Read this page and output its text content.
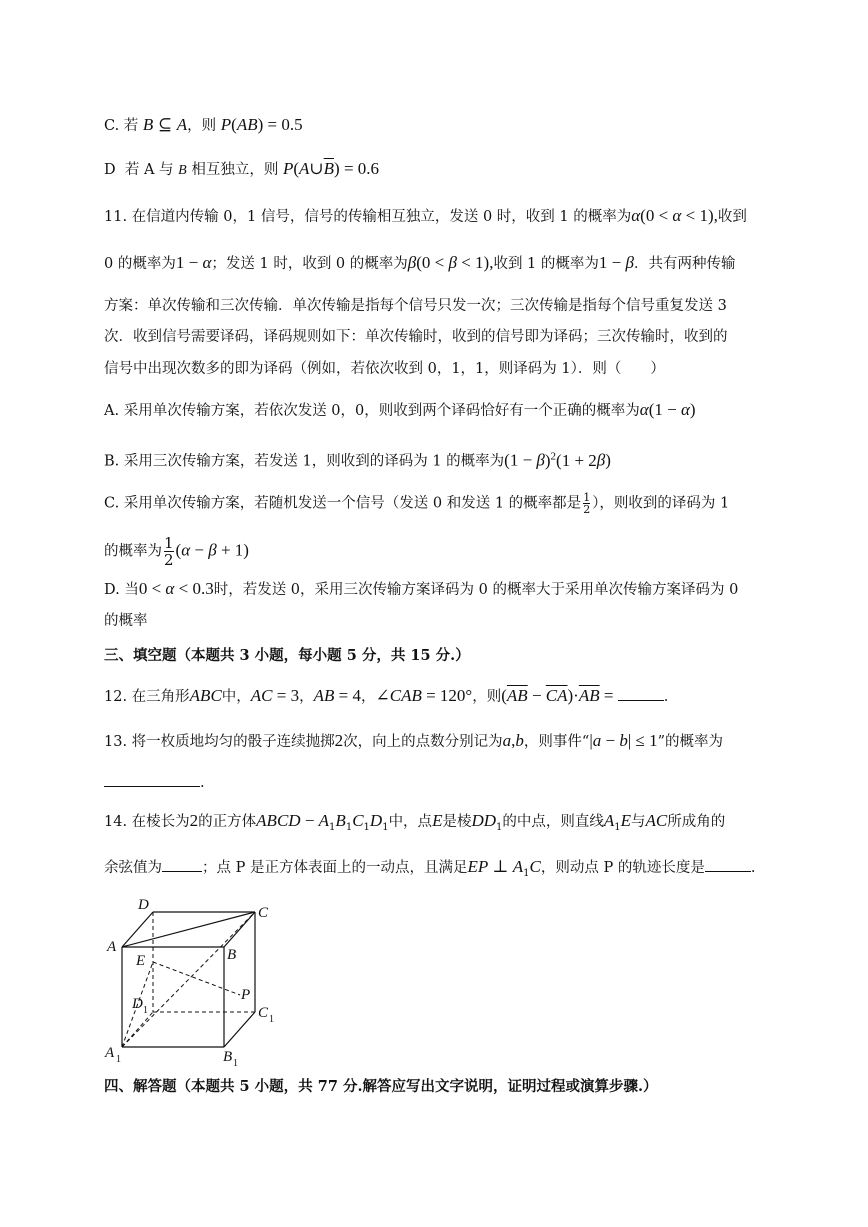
C. 若 B ⊆ A，则 P(AB) = 0.5
D  若 A 与 B 相互独立，则 $P(A\cup\overline{B}) = 0.6$
11. 在信道内传输 0，1 信号，信号的传输相互独立，发送 0 时，收到 1 的概率为α(0 < α < 1),收到
0 的概率为1 − α；发送 1 时，收到 0 的概率为β(0 < β < 1),收到 1 的概率为1 − β．共有两种传输
方案：单次传输和三次传输．单次传输是指每个信号只发一次；三次传输是指每个信号重复发送 3
次．收到信号需要译码，译码规则如下：单次传输时，收到的信号即为译码；三次传输时，收到的
信号中出现次数多的即为译码（例如，若依次收到 0，1，1，则译码为 1）．则（　　）
A. 采用单次传输方案，若依次发送 0，0，则收到两个译码恰好有一个正确的概率为α(1 − α)
B. 采用三次传输方案，若发送 1，则收到的译码为 1 的概率为$(1 - \beta)^2(1 + 2\beta)$
C. 采用单次传输方案，若随机发送一个信号（发送 0 和发送 1 的概率都是 $\frac{1}{2}$ ），则收到的译码为 1
的概率为 $\frac{1}{2} (\alpha - \beta + 1)$
D. 当0 < α < 0.3时，若发送 0，采用三次传输方案译码为 0 的概率大于采用单次传输方案译码为 0
的概率
三、填空题（本题共 3 小题，每小题 5 分，共 15 分.）
12. 在三角形ABC中，AC = 3，AB = 4，∠CAB = 120°，则$(\overline{AB} - \overline{CA})\cdot\overline{AB}$ =	.
13. 将一枚质地均匀的骰子连续抛掷2次，向上的点数分别记为a,b，则事件“|a − b| ≤ 1”的概率为
.
14. 在棱长为2的正方体ABCD − $A_1B_1C_1D_1$中，点E是棱$DD_1$的中点，则直线$A_1E$与AC所成角的
余弦值为	；点 P 是正方体表面上的一动点，且满足EP ⊥ $A_1C$，则动点 P 的轨迹长度是	.
D	C
A	B
E
P
D 1	C 1
A 1	B 1
四、解答题（本题共 5 小题，共 77 分.解答应写出文字说明，证明过程或演算步骤.）
